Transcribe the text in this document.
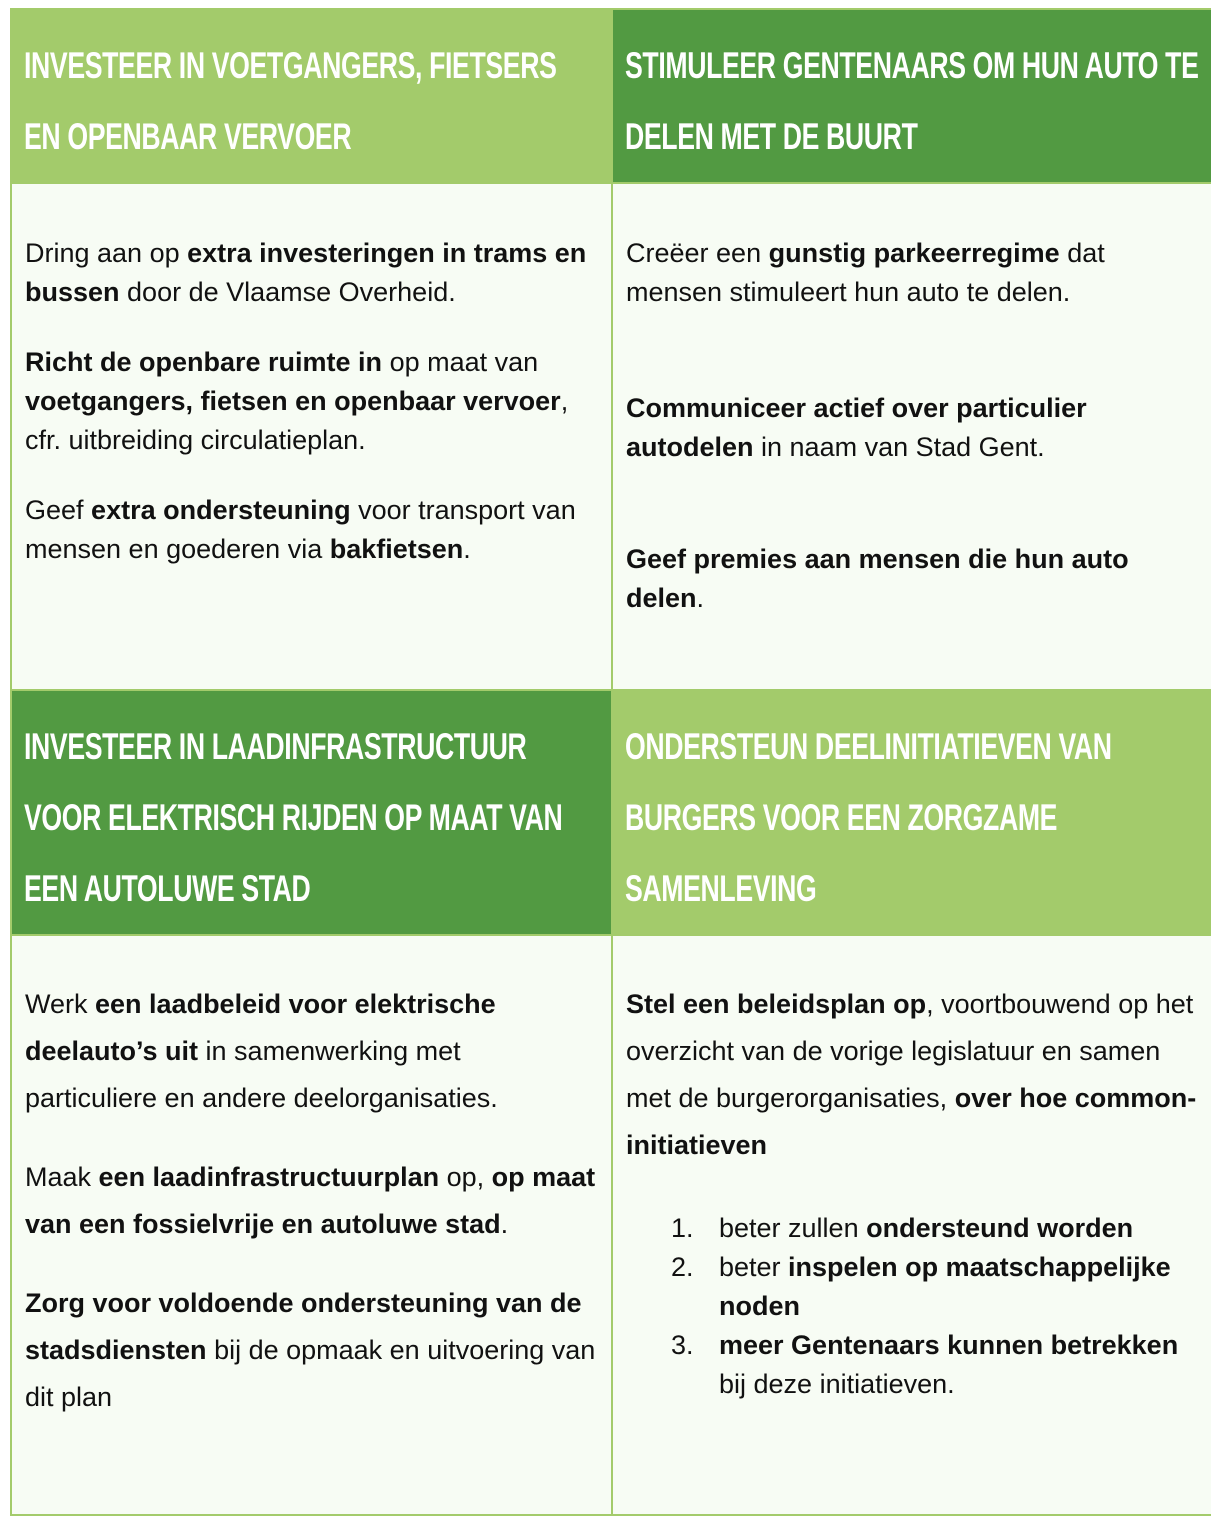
INVESTEER IN VOETGANGERS, FIETSERS EN OPENBAAR VERVOER
STIMULEER GENTENAARS OM HUN AUTO TE DELEN MET DE BUURT

Dring aan op extra investeringen in trams en bussen door de Vlaamse Overheid.

Richt de openbare ruimte in op maat van voetgangers, fietsen en openbaar vervoer, cfr. uitbreiding circulatieplan.

Geef extra ondersteuning voor transport van mensen en goederen via bakfietsen.

Creëer een gunstig parkeerregime dat mensen stimuleert hun auto te delen.

Communiceer actief over particulier autodelen in naam van Stad Gent.

Geef premies aan mensen die hun auto delen.

INVESTEER IN LAADINFRASTRUCTUUR VOOR ELEKTRISCH RIJDEN OP MAAT VAN EEN AUTOLUWE STAD
ONDERSTEUN DEELINITIATIEVEN VAN BURGERS VOOR EEN ZORGZAME SAMENLEVING

Werk een laadbeleid voor elektrische deelauto’s uit in samenwerking met particuliere en andere deelorganisaties.

Maak een laadinfrastructuurplan op, op maat van een fossielvrije en autoluwe stad.

Zorg voor voldoende ondersteuning van de stadsdiensten bij de opmaak en uitvoering van dit plan

Stel een beleidsplan op, voortbouwend op het overzicht van de vorige legislatuur en samen met de burgerorganisaties, over hoe common-initiatieven

1. beter zullen ondersteund worden
2. beter inspelen op maatschappelijke noden
3. meer Gentenaars kunnen betrekken bij deze initiatieven.
